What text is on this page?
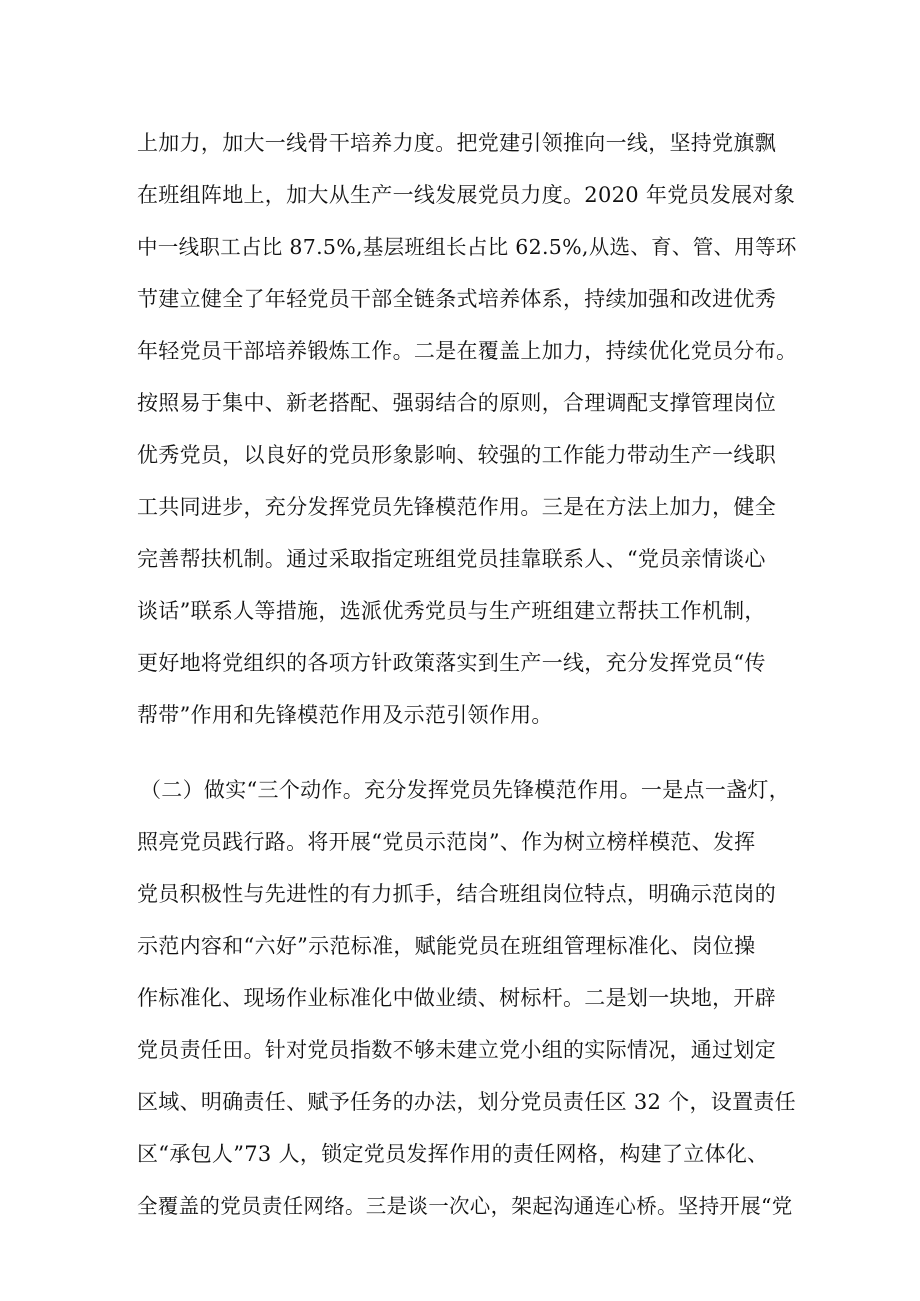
上加力，加大一线骨干培养力度。把党建引领推向一线，坚持党旗飘
在班组阵地上，加大从生产一线发展党员力度。2020 年党员发展对象
中一线职工占比 87.5%,基层班组长占比 62.5%,从选、育、管、用等环
节建立健全了年轻党员干部全链条式培养体系，持续加强和改进优秀
年轻党员干部培养锻炼工作。二是在覆盖上加力，持续优化党员分布。
按照易于集中、新老搭配、强弱结合的原则，合理调配支撑管理岗位
优秀党员，以良好的党员形象影响、较强的工作能力带动生产一线职
工共同进步，充分发挥党员先锋模范作用。三是在方法上加力，健全
完善帮扶机制。通过采取指定班组党员挂靠联系人、“党员亲情谈心
谈话”联系人等措施，选派优秀党员与生产班组建立帮扶工作机制，
更好地将党组织的各项方针政策落实到生产一线，充分发挥党员“传
帮带”作用和先锋模范作用及示范引领作用。
（二）做实“三个动作。充分发挥党员先锋模范作用。一是点一盏灯，
照亮党员践行路。将开展“党员示范岗”、作为树立榜样模范、发挥
党员积极性与先进性的有力抓手，结合班组岗位特点，明确示范岗的
示范内容和“六好”示范标准，赋能党员在班组管理标准化、岗位操
作标准化、现场作业标准化中做业绩、树标杆。二是划一块地，开辟
党员责任田。针对党员指数不够未建立党小组的实际情况，通过划定
区域、明确责任、赋予任务的办法，划分党员责任区 32 个，设置责任
区“承包人”73 人，锁定党员发挥作用的责任网格，构建了立体化、
全覆盖的党员责任网络。三是谈一次心，架起沟通连心桥。坚持开展“党
